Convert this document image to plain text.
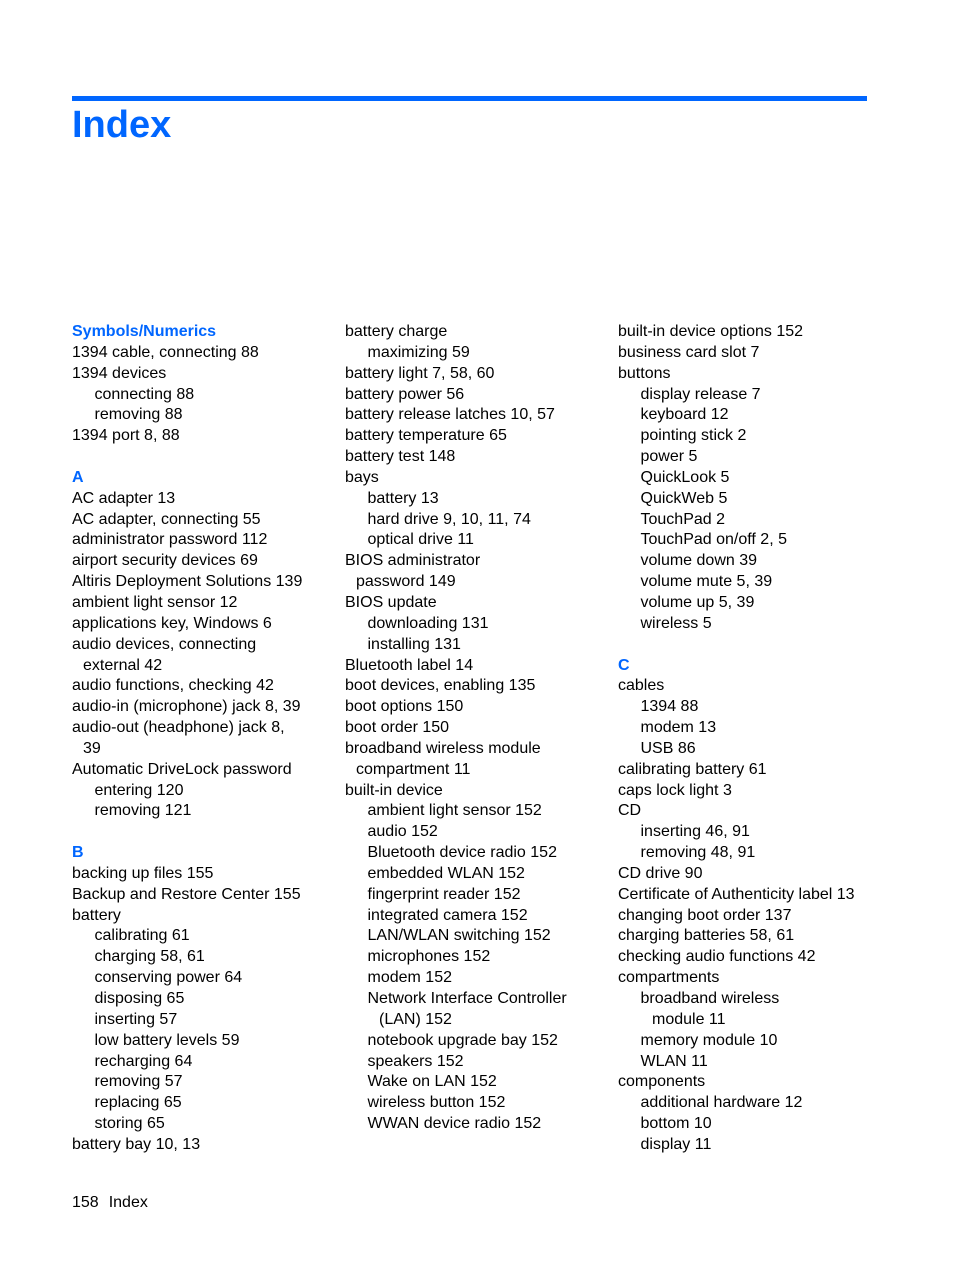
Index
Symbols/Numerics
1394 cable, connecting 88
1394 devices
connecting 88
removing 88
1394 port 8, 88
A
AC adapter 13
AC adapter, connecting 55
administrator password 112
airport security devices 69
Altiris Deployment Solutions 139
ambient light sensor 12
applications key, Windows 6
audio devices, connecting
external 42
audio functions, checking 42
audio-in (microphone) jack 8, 39
audio-out (headphone) jack 8,
39
Automatic DriveLock password
entering 120
removing 121
B
backing up files 155
Backup and Restore Center 155
battery
calibrating 61
charging 58, 61
conserving power 64
disposing 65
inserting 57
low battery levels 59
recharging 64
removing 57
replacing 65
storing 65
battery bay 10, 13
battery charge
maximizing 59
battery light 7, 58, 60
battery power 56
battery release latches 10, 57
battery temperature 65
battery test 148
bays
battery 13
hard drive 9, 10, 11, 74
optical drive 11
BIOS administrator
password 149
BIOS update
downloading 131
installing 131
Bluetooth label 14
boot devices, enabling 135
boot options 150
boot order 150
broadband wireless module
compartment 11
built-in device
ambient light sensor 152
audio 152
Bluetooth device radio 152
embedded WLAN 152
fingerprint reader 152
integrated camera 152
LAN/WLAN switching 152
microphones 152
modem 152
Network Interface Controller
(LAN) 152
notebook upgrade bay 152
speakers 152
Wake on LAN 152
wireless button 152
WWAN device radio 152
built-in device options 152
business card slot 7
buttons
display release 7
keyboard 12
pointing stick 2
power 5
QuickLook 5
QuickWeb 5
TouchPad 2
TouchPad on/off 2, 5
volume down 39
volume mute 5, 39
volume up 5, 39
wireless 5
C
cables
1394 88
modem 13
USB 86
calibrating battery 61
caps lock light 3
CD
inserting 46, 91
removing 48, 91
CD drive 90
Certificate of Authenticity label 13
changing boot order 137
charging batteries 58, 61
checking audio functions 42
compartments
broadband wireless
module 11
memory module 10
WLAN 11
components
additional hardware 12
bottom 10
display 11
158 Index
